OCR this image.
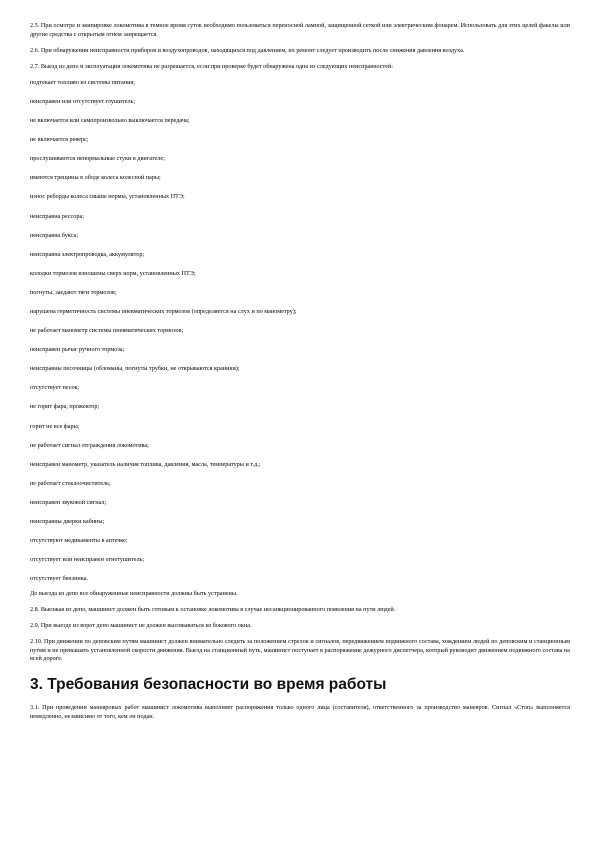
2.5. При осмотре и экипировке локомотива в темное время суток необходимо пользоваться переносной лампой, защищенной сеткой или электрическим фонарем. Использовать для этих целей факелы или другие средства с открытым огнем запрещается.

2.6. При обнаружении неисправности приборов и воздухопроводов, находящихся под давлением, их ремонт следует производить после снижения давления воздуха.

2.7. Выезд из депо и эксплуатация локомотива не разрешается, если при проверке будет обнаружена одна из следующих неисправностей:

подтекает топливо из системы питания;

неисправен или отсутствует глушитель;

не включается или самопроизвольно выключается передача;

не включается реверс;

прослушиваются ненормальные стуки в двигателе;

имеются трещины в ободе колеса колесной пары;

износ реборды колеса свыше нормы, установленных ПТЭ;

неисправна рессора;

неисправна букса;

неисправна электропроводка, аккумулятор;

колодки тормозов изношены сверх норм, установленных ПТЭ;

погнуты, заедают тяги тормозов;

нарушена герметичность системы пневматических тормозов (определяется на слух и по манометру);

не работает манометр системы пневматических тормозов;

неисправен рычаг ручного тормоза;

неисправны песочницы (обломаны, погнуты трубки, не открываются краники);

отсутствует песок;

не горит фара, прожектор;

горит не все фары;

не работает сигнал отграждения локомотива;

неисправен манометр, указатель наличия топлива, давления, масла, температуры и т.д.;

не работает стеклоочиститель;

неисправен звуковой сигнал;

неисправны дверки кабины;

отсутствуют медикаменты в аптечке;

отсутствует или неисправен огнетушитель;

отсутствует бензинка.

До выезда из депо все обнаруженные неисправности должны быть устранены.

2.8. Выезжая из депо, машинист должен быть готовым к остановке локомотива в случае несанкционированного появления на пути людей.

2.9. При выезде из ворот депо машинист не должен высовываться из бокового окна.

2.10. При движении по деповским путям машинист должен внимательно следить за положением стрелок и сигналов, передвижением подвижного состава, хождением людей по деповским и станционным путям и не превышать установленной скорости движения. Выезд на станционный путь, машинист поступает в распоряжение дежурного диспетчера, который руководит движением подвижного состава на всей дороге.

3. Требования безопасности во время работы

3.1. При проведении маневровых работ машинист локомотива выполняет распоряжения только одного лица (составителя), ответственного за производство маневров. Сигнал «Стоп» выполняется немедленно, независимо от того, кем он подан.
